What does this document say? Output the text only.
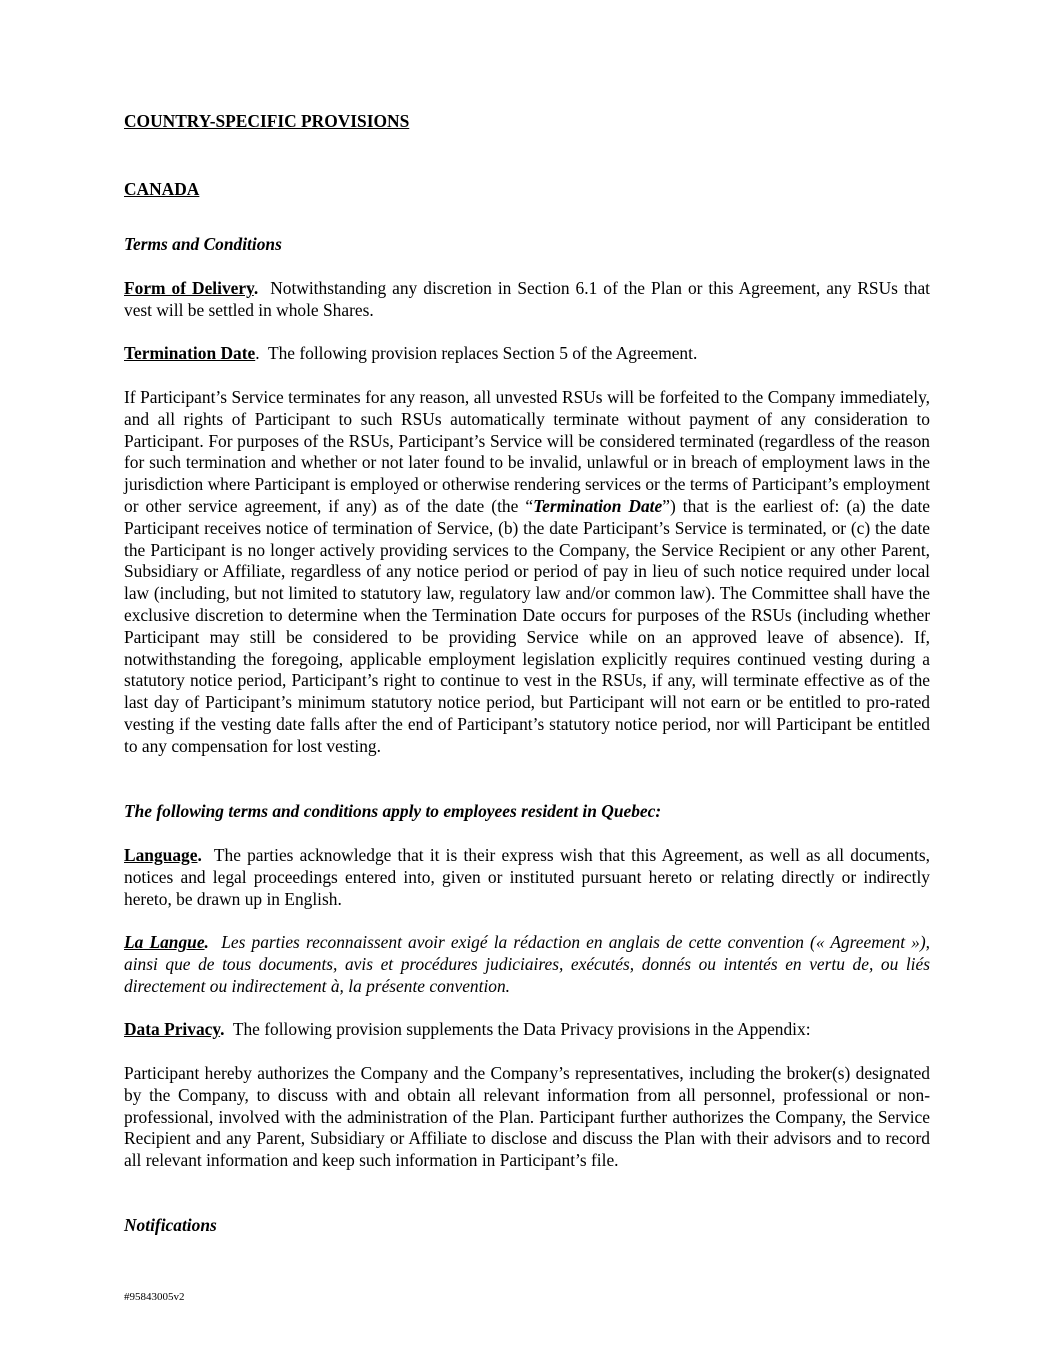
COUNTRY-SPECIFIC PROVISIONS

CANADA

Terms and Conditions

Form of Delivery. Notwithstanding any discretion in Section 6.1 of the Plan or this Agreement, any RSUs that vest will be settled in whole Shares.

Termination Date.  The following provision replaces Section 5 of the Agreement.

If Participant’s Service terminates for any reason, all unvested RSUs will be forfeited to the Company immediately, and all rights of Participant to such RSUs automatically terminate without payment of any consideration to Participant. For purposes of the RSUs, Participant’s Service will be considered terminated (regardless of the reason for such termination and whether or not later found to be invalid, unlawful or in breach of employment laws in the jurisdiction where Participant is employed or otherwise rendering services or the terms of Participant’s employment or other service agreement, if any) as of the date (the “Termination Date”) that is the earliest of: (a) the date Participant receives notice of termination of Service, (b) the date Participant’s Service is terminated, or (c) the date the Participant is no longer actively providing services to the Company, the Service Recipient or any other Parent, Subsidiary or Affiliate, regardless of any notice period or period of pay in lieu of such notice required under local law (including, but not limited to statutory law, regulatory law and/or common law). The Committee shall have the exclusive discretion to determine when the Termination Date occurs for purposes of the RSUs (including whether Participant may still be considered to be providing Service while on an approved leave of absence). If, notwithstanding the foregoing, applicable employment legislation explicitly requires continued vesting during a statutory notice period, Participant’s right to continue to vest in the RSUs, if any, will terminate effective as of the last day of Participant’s minimum statutory notice period, but Participant will not earn or be entitled to pro-rated vesting if the vesting date falls after the end of Participant’s statutory notice period, nor will Participant be entitled to any compensation for lost vesting.

The following terms and conditions apply to employees resident in Quebec:

Language. The parties acknowledge that it is their express wish that this Agreement, as well as all documents, notices and legal proceedings entered into, given or instituted pursuant hereto or relating directly or indirectly hereto, be drawn up in English.

La Langue. Les parties reconnaissent avoir exigé la rédaction en anglais de cette convention (« Agreement »), ainsi que de tous documents, avis et procédures judiciaires, exécutés, donnés ou intentés en vertu de, ou liés directement ou indirectement à, la présente convention.

Data Privacy. The following provision supplements the Data Privacy provisions in the Appendix:

Participant hereby authorizes the Company and the Company’s representatives, including the broker(s) designated by the Company, to discuss with and obtain all relevant information from all personnel, professional or non-professional, involved with the administration of the Plan. Participant further authorizes the Company, the Service Recipient and any Parent, Subsidiary or Affiliate to disclose and discuss the Plan with their advisors and to record all relevant information and keep such information in Participant’s file.

Notifications

#95843005v2
